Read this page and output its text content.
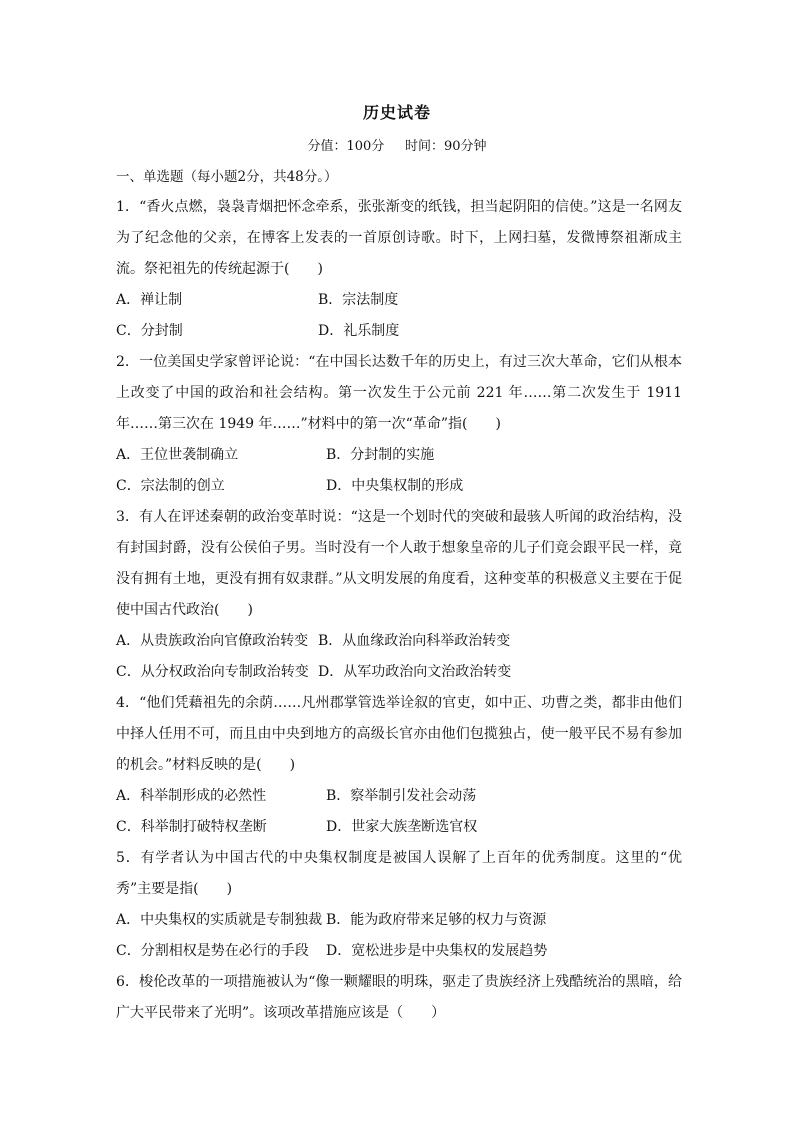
历史试卷
分值：100分     时间：90分钟
一、单选题（每小题2分，共48分。）

1．“香火点燃，袅袅青烟把怀念牵系，张张渐变的纸钱，担当起阴阳的信使。”这是一名网友为了纪念他的父亲，在博客上发表的一首原创诗歌。时下，上网扫墓，发微博祭祖渐成主流。祭祀祖先的传统起源于(　　)

A．禅让制	B．宗法制度
C．分封制	D．礼乐制度

2．一位美国史学家曾评论说：“在中国长达数千年的历史上，有过三次大革命，它们从根本上改变了中国的政治和社会结构。第一次发生于公元前 221 年……第二次发生于 1911 年……第三次在 1949 年……”材料中的第一次“革命”指(　　)

A．王位世袭制确立	B．分封制的实施
C．宗法制的创立	D．中央集权制的形成

3．有人在评述秦朝的政治变革时说：“这是一个划时代的突破和最骇人听闻的政治结构，没有封国封爵，没有公侯伯子男。当时没有一个人敢于想象皇帝的儿子们竟会跟平民一样，竟没有拥有土地，更没有拥有奴隶群。”从文明发展的角度看，这种变革的积极意义主要在于促使中国古代政治(　　)

A．从贵族政治向官僚政治转变 B．从血缘政治向科举政治转变
C．从分权政治向专制政治转变 D．从军功政治向文治政治转变

4．“他们凭藉祖先的余荫……凡州郡掌管选举诠叙的官吏，如中正、功曹之类，都非由他们中择人任用不可，而且由中央到地方的高级长官亦由他们包揽独占，使一般平民不易有参加的机会。”材料反映的是(　　)

A．科举制形成的必然性	B．察举制引发社会动荡
C．科举制打破特权垄断	D．世家大族垄断选官权

5．有学者认为中国古代的中央集权制度是被国人误解了上百年的优秀制度。这里的“优秀”主要是指(　　)

A．中央集权的实质就是专制独裁 B．能为政府带来足够的权力与资源
C．分割相权是势在必行的手段 D．宽松进步是中央集权的发展趋势

6．梭伦改革的一项措施被认为“像一颗耀眼的明珠，驱走了贵族经济上残酷统治的黑暗，给广大平民带来了光明”。该项改革措施应该是（　　）
